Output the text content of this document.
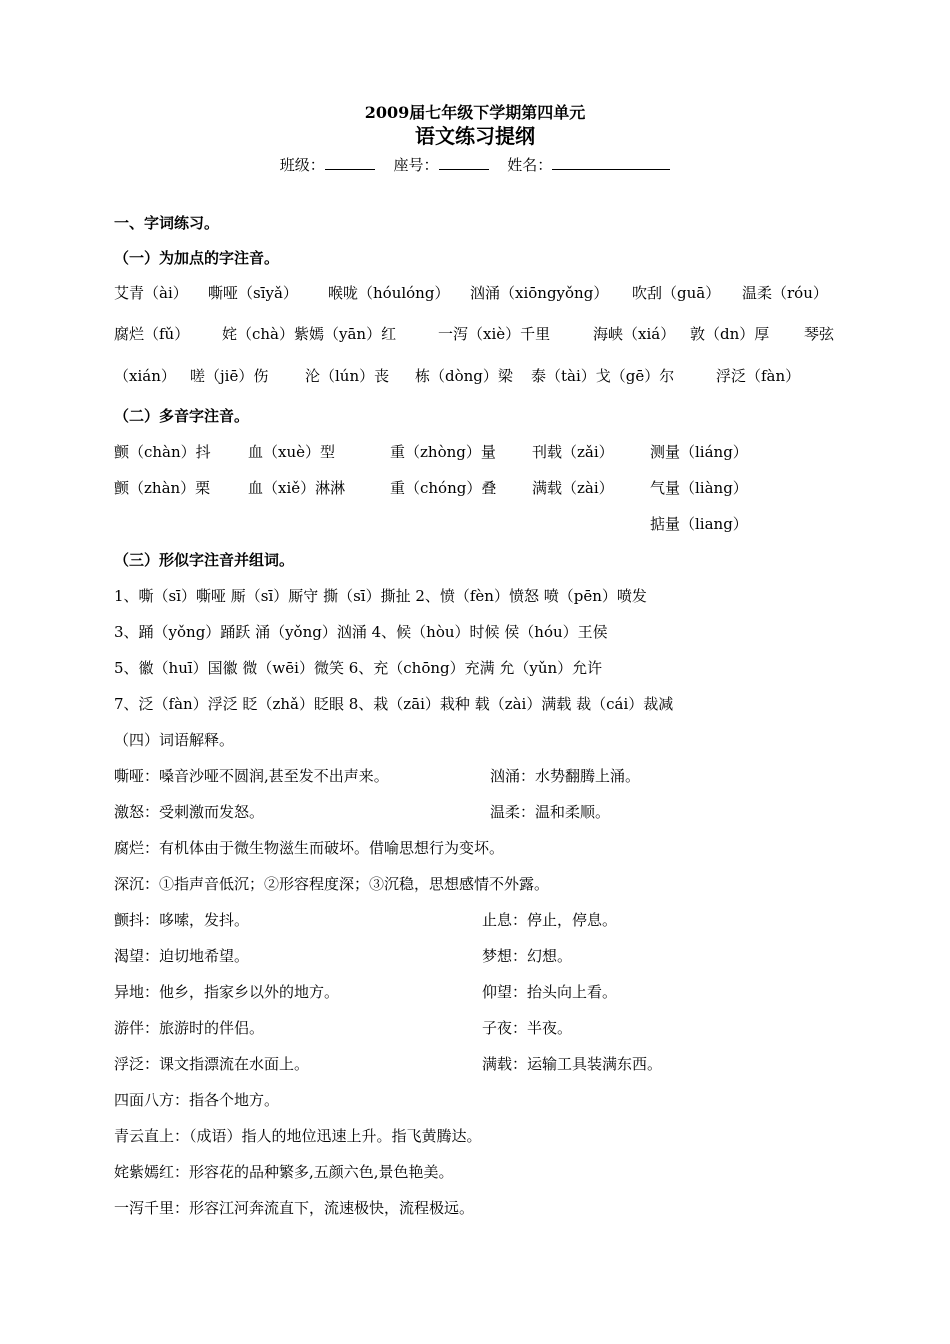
2009届七年级下学期第四单元
语文练习提纲
班级：	座号：	姓名：
一、字词练习。
（一）为加点的字注音。
艾青（ài） 嘶哑（sīyǎ） 喉咙（hóulóng） 汹涌（xiōngyǒng） 吹刮（guā） 温柔（róu）
腐烂（fǔ） 姹（chà）紫嫣（yān）红	一泻（xiè）千里	海峡（xiá） 敦（dn）厚 琴弦
（xián） 嗟（jiē）伤 沦（lún）丧 栋（dòng）梁 泰（tài）戈（gē）尔	浮泛（fàn）
（二）多音字注音。
颤（chàn）抖 血（xuè）型	重（zhòng）量 刊载（zǎi） 测量（liáng）
颤（zhàn）栗	血（xiě）淋淋	重（chóng）叠 满载（zài） 气量（liàng）
掂量（liang）
（三）形似字注音并组词。
1、嘶（sī）嘶哑 厮（sī）厮守 撕（sī）撕扯 2、愤（fèn）愤怒 喷（pēn）喷发
3、踊（yǒng）踊跃 涌（yǒng）汹涌 4、候（hòu）时候 侯（hóu）王侯
5、徽（huī）国徽 微（wēi）微笑 6、充（chōng）充满 允（yǔn）允许
7、泛（fàn）浮泛 眨（zhǎ）眨眼 8、栽（zāi）栽种 载（zài）满载 裁（cái）裁减
（四）词语解释。
嘶哑：嗓音沙哑不圆润,甚至发不出声来。	汹涌：水势翻腾上涌。
激怒：受刺激而发怒。	温柔：温和柔顺。
腐烂：有机体由于微生物滋生而破坏。借喻思想行为变坏。
深沉：①指声音低沉；②形容程度深；③沉稳，思想感情不外露。
颤抖：哆嗦，发抖。	止息：停止，停息。
渴望：迫切地希望。	梦想：幻想。
异地：他乡，指家乡以外的地方。	仰望：抬头向上看。
游伴：旅游时的伴侣。	子夜：半夜。
浮泛：课文指漂流在水面上。	满载：运输工具装满东西。
四面八方：指各个地方。
青云直上：（成语）指人的地位迅速上升。指飞黄腾达。
姹紫嫣红：形容花的品种繁多,五颜六色,景色艳美。
一泻千里：形容江河奔流直下，流速极快，流程极远。
